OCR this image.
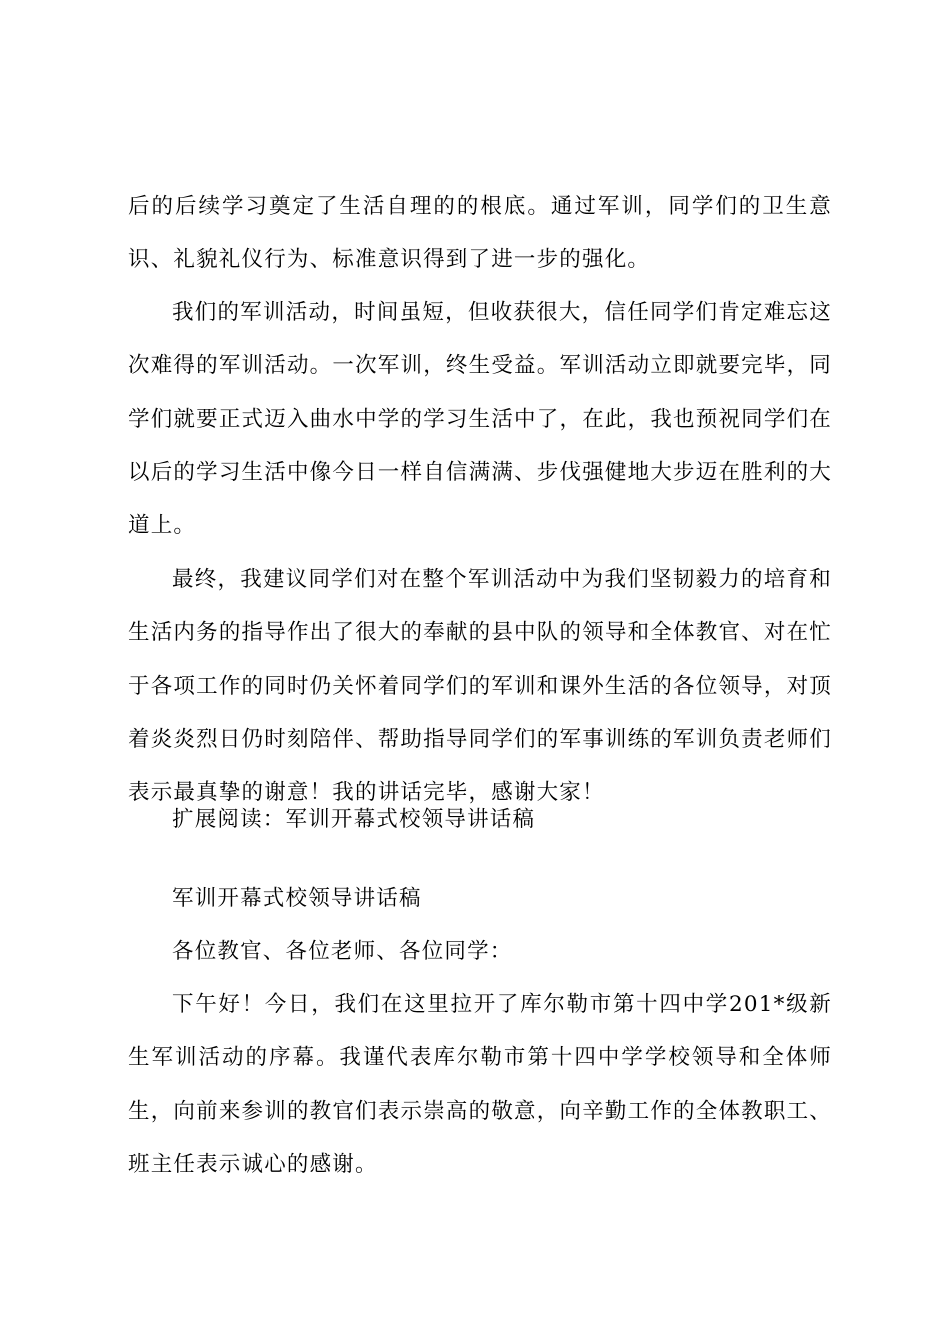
后的后续学习奠定了生活自理的的根底。通过军训，同学们的卫生意识、礼貌礼仪行为、标准意识得到了进一步的强化。

我们的军训活动，时间虽短，但收获很大，信任同学们肯定难忘这次难得的军训活动。一次军训，终生受益。军训活动立即就要完毕，同学们就要正式迈入曲水中学的学习生活中了，在此，我也预祝同学们在以后的学习生活中像今日一样自信满满、步伐强健地大步迈在胜利的大道上。

最终，我建议同学们对在整个军训活动中为我们坚韧毅力的培育和生活内务的指导作出了很大的奉献的县中队的领导和全体教官、对在忙于各项工作的同时仍关怀着同学们的军训和课外生活的各位领导，对顶着炎炎烈日仍时刻陪伴、帮助指导同学们的军事训练的军训负责老师们表示最真挚的谢意！我的讲话完毕，感谢大家！

扩展阅读：军训开幕式校领导讲话稿

军训开幕式校领导讲话稿

各位教官、各位老师、各位同学：

下午好！今日，我们在这里拉开了库尔勒市第十四中学201*级新生军训活动的序幕。我谨代表库尔勒市第十四中学学校领导和全体师生，向前来参训的教官们表示崇高的敬意，向辛勤工作的全体教职工、班主任表示诚心的感谢。
